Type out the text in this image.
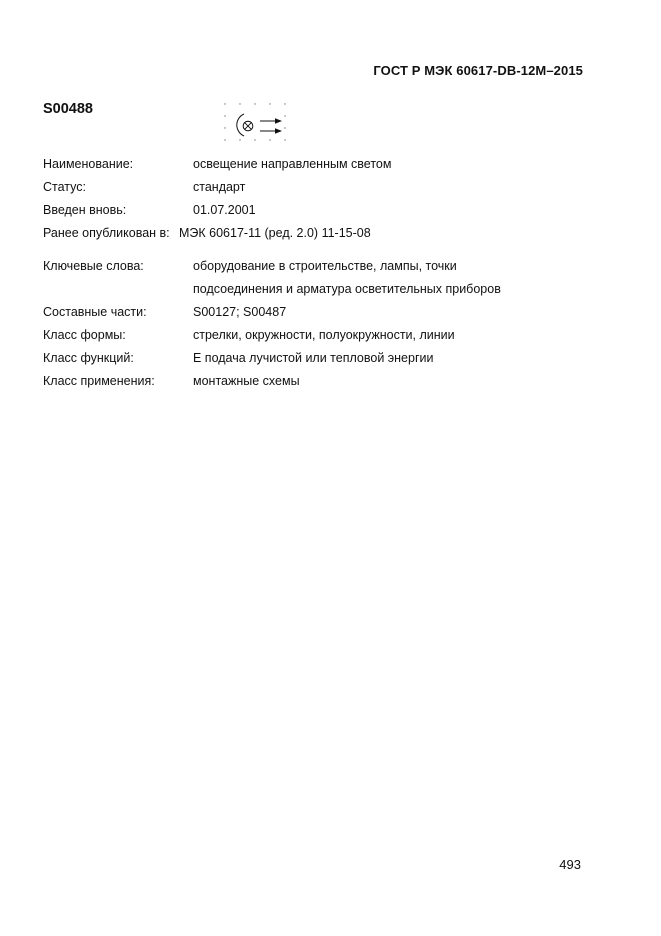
ГОСТ Р МЭК 60617-DB-12M–2015
S00488
Наименование:	освещение направленным светом
Статус:	стандарт
Введен вновь:	01.07.2001
Ранее опубликован в: МЭК 60617-11 (ред. 2.0) 11-15-08
Ключевые слова:	оборудование в строительстве, лампы, точки
подсоединения и арматура осветительных приборов
Составные части:	S00127; S00487
Класс формы:	стрелки, окружности, полуокружности, линии
Класс функций:	E подача лучистой или тепловой энергии
Класс применения:	монтажные схемы
493
